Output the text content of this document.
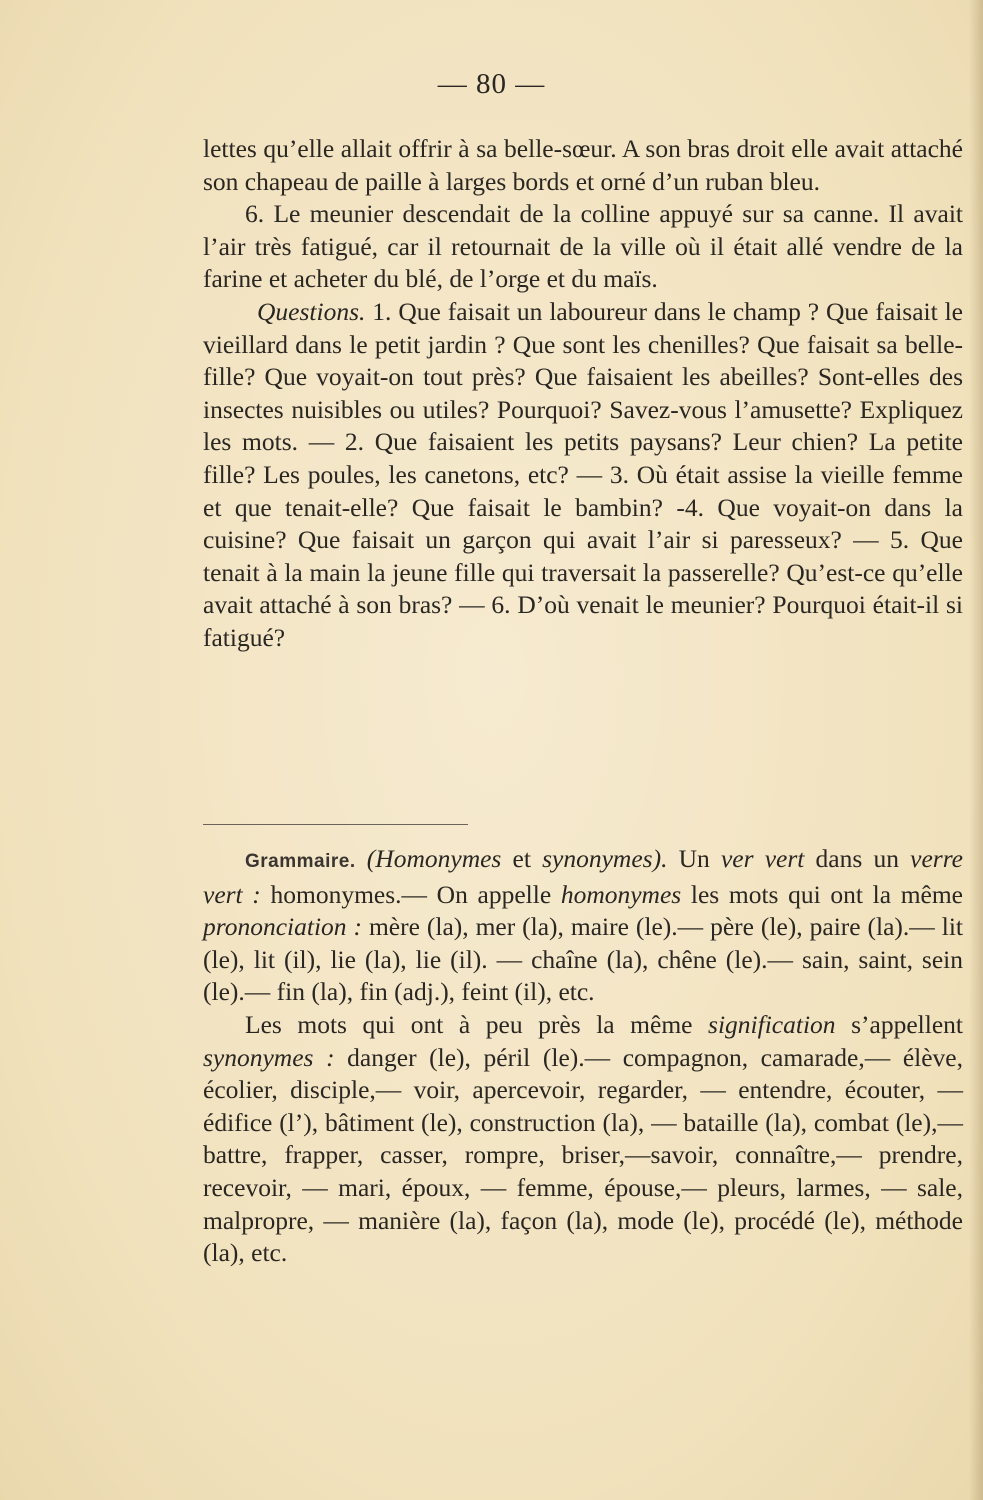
— 80 —

lettes qu’elle allait offrir à sa belle-sœur. A son bras droit elle avait attaché son chapeau de paille à larges bords et orné d’un ruban bleu.

6. Le meunier descendait de la colline appuyé sur sa canne. Il avait l’air très fatigué, car il retournait de la ville où il était allé vendre de la farine et acheter du blé, de l’orge et du maïs.

Questions. 1. Que faisait un laboureur dans le champ ? Que faisait le vieillard dans le petit jardin ? Que sont les chenilles? Que faisait sa belle-fille? Que voyait-on tout près? Que faisaient les abeilles? Sont-elles des insectes nuisibles ou utiles? Pourquoi? Savez-vous l’amusette? Expliquez les mots. — 2. Que faisaient les petits paysans? Leur chien? La petite fille? Les poules, les canetons, etc? — 3. Où était assise la vieille femme et que tenait-elle? Que faisait le bambin? -4. Que voyait-on dans la cuisine? Que faisait un garçon qui avait l’air si paresseux? — 5. Que tenait à la main la jeune fille qui traversait la passerelle? Qu’est-ce qu’elle avait attaché à son bras? — 6. D’où venait le meunier? Pourquoi était-il si fatigué?

Grammaire. (Homonymes et synonymes). Un ver vert dans un verre vert : homonymes.— On appelle homonymes les mots qui ont la même prononciation : mère (la), mer (la), maire (le).— père (le), paire (la).— lit (le), lit (il), lie (la), lie (il). — chaîne (la), chêne (le).— sain, saint, sein (le).— fin (la), fin (adj.), feint (il), etc.

Les mots qui ont à peu près la même signification s’appellent synonymes : danger (le), péril (le).— compagnon, camarade,— élève, écolier, disciple,— voir, apercevoir, regarder, — entendre, écouter, — édifice (l’), bâtiment (le), construction (la), — bataille (la), combat (le),— battre, frapper, casser, rompre, briser,—savoir, connaître,— prendre, recevoir, — mari, époux, — femme, épouse,— pleurs, larmes, — sale, malpropre, — manière (la), façon (la), mode (le), procédé (le), méthode (la), etc.
